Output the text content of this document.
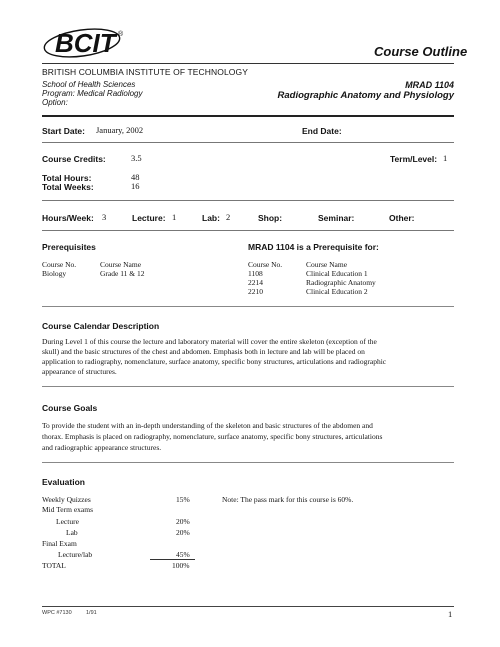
BCIT ®
Course Outline
BRITISH COLUMBIA INSTITUTE OF TECHNOLOGY
School of Health Sciences
Program: Medical Radiology
Option:
MRAD 1104
Radiographic Anatomy and Physiology
Start Date: January, 2002	End Date:
Course Credits:	3.5	Term/Level: 1
Total Hours:	48
Total Weeks:	16
Hours/Week: 3	Lecture: 1	Lab: 2	Shop:	Seminar:	Other:
Prerequisites
Course No.	Course Name
Biology	Grade 11 & 12
MRAD 1104 is a Prerequisite for:
Course No.	Course Name
1108	Clinical Education 1
2214	Radiographic Anatomy
2210	Clinical Education 2
Course Calendar Description
During Level 1 of this course the lecture and laboratory material will cover the entire skeleton (exception of the
skull) and the basic structures of the chest and abdomen. Emphasis both in lecture and lab will be placed on
application to radiography, nomenclature, surface anatomy, specific bony structures, articulations and radiographic
appearance of structures.
Course Goals
To provide the student with an in-depth understanding of the skeleton and basic structures of the abdomen and
thorax. Emphasis is placed on radiography, nomenclature, surface anatomy, specific bony structures, articulations
and radiographic appearance structures.
Evaluation
Note: The pass mark for this course is 60%.
Weekly Quizzes	15%
Mid Term exams
Lecture	20%
Lab	20%
Final Exam
Lecture/lab	45%
TOTAL	100%
WPC #7130	1/91	1
